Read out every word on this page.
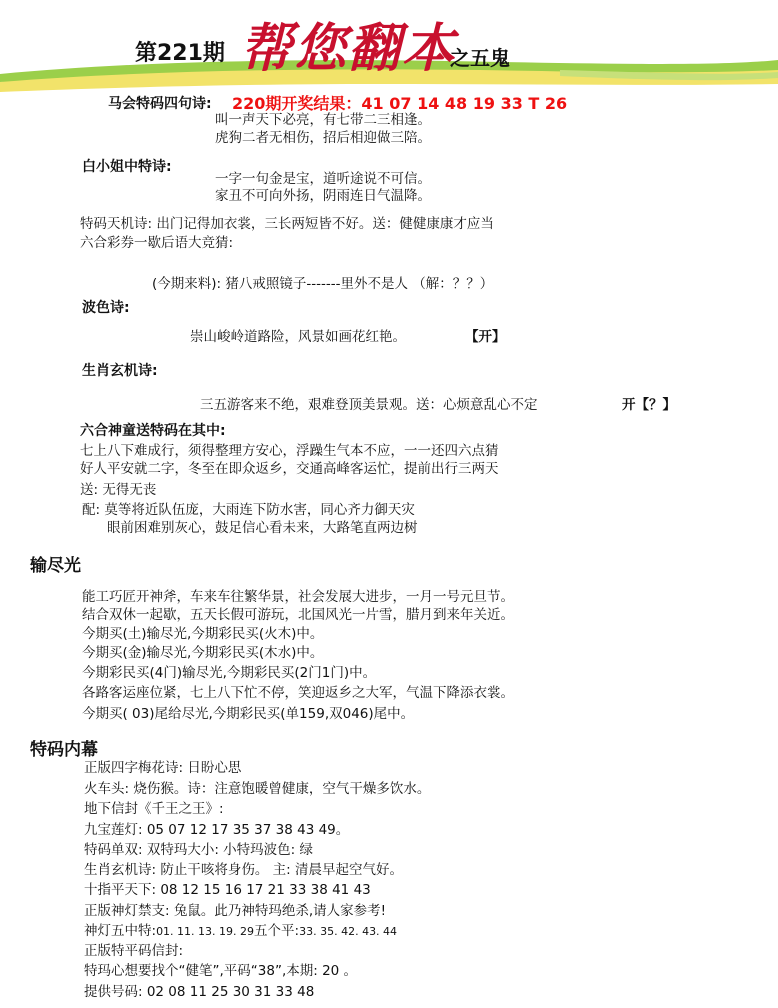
第221期 帮您翻本
之五鬼
马会特码四句诗: 220期开奖结果：41 07 14 48 19 33 T 26
叫一声天下必亮，有七带二三相逢。
虎狗二者无相伤，招后相迎做三陪。
白小姐中特诗:
一字一句金是宝，道听途说不可信。
家丑不可向外扬，阴雨连日气温降。
特码天机诗: 出门记得加衣裳，三长两短皆不好。送：健健康康才应当
六合彩券一歇后语大竞猜:
(今期来料): 猪八戒照镜子-------里外不是人 （解：？？）
波色诗:
崇山峻岭道路险，风景如画花红艳。	【开】
生肖玄机诗:
三五游客来不绝，艰难登顶美景观。送：心烦意乱心不定	开【？】
六合神童送特码在其中:
七上八下难成行，须得整理方安心，浮躁生气本不应，一一还四六点猜
好人平安就二字，冬至在即众返乡，交通高峰客运忙，提前出行三两天
送: 无得无丧
配: 莫等将近队伍庞，大雨连下防水害，同心齐力御天灾
眼前困难别灰心，鼓足信心看未来，大路笔直两边树
输尽光
能工巧匠开神斧，车来车往繁华景，社会发展大进步，一月一号元旦节。
结合双休一起歇，五天长假可游玩，北国风光一片雪，腊月到来年关近。
今期买(土)输尽光,今期彩民买(火木)中。
今期买(金)输尽光,今期彩民买(木水)中。
今期彩民买(4门)输尽光,今期彩民买(2门1门)中。
各路客运座位紧，七上八下忙不停，笑迎返乡之大军，气温下降添衣裳。
今期买( 03)尾给尽光,今期彩民买(单159,双046)尾中。
特码内幕
正版四字梅花诗: 日盼心思
火车头: 烧伤猴。诗：注意饱暖曾健康，空气干燥多饮水。
地下信封《千王之王》:
九宝莲灯: 05 07 12 17 35 37 38 43 49。
特码单双: 双特玛大小: 小特玛波色: 绿
生肖玄机诗: 防止干咳将身伤。 主: 清晨早起空气好。
十指平天下: 08 12 15 16 17 21 33 38 41 43
正版神灯禁支: 兔鼠。此乃神特玛绝杀,请人家参考!
神灯五中特:01. 11. 13. 19. 29五个平:33. 35. 42. 43. 44
正版特平码信封:
特玛心想要找个“健笔”,平码“38”,本期: 20 。
提供号码: 02 08 11 25 30 31 33 48
